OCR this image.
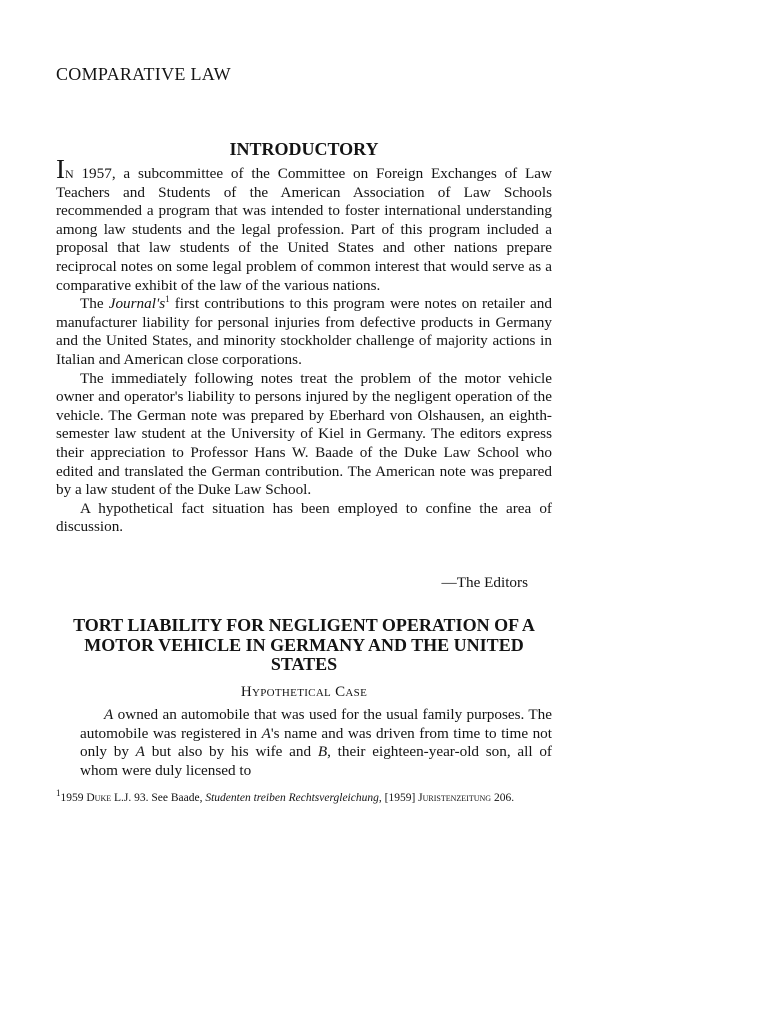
COMPARATIVE LAW
INTRODUCTORY

IN 1957, a subcommittee of the Committee on Foreign Exchanges of Law Teachers and Students of the American Association of Law Schools recommended a program that was intended to foster international understanding among law students and the legal profession. Part of this program included a proposal that law students of the United States and other nations prepare reciprocal notes on some legal problem of common interest that would serve as a comparative exhibit of the law of the various nations.

The $Journal's^1$ first contributions to this program were notes on retailer and manufacturer liability for personal injuries from defective products in Germany and the United States, and minority stockholder challenge of majority actions in Italian and American close corporations.

The immediately following notes treat the problem of the motor vehicle owner and operator's liability to persons injured by the negligent operation of the vehicle. The German note was prepared by Eberhard von Olshausen, an eighth-semester law student at the University of Kiel in Germany. The editors express their appreciation to Professor Hans W. Baade of the Duke Law School who edited and translated the German contribution. The American note was prepared by a law student of the Duke Law School.

A hypothetical fact situation has been employed to confine the area of discussion.

—The Editors
TORT LIABILITY FOR NEGLIGENT OPERATION OF A MOTOR VEHICLE IN GERMANY AND THE UNITED STATES
Hypothetical Case

A owned an automobile that was used for the usual family purposes. The automobile was registered in A's name and was driven from time to time not only by A but also by his wife and B, their eighteen-year-old son, all of whom were duly licensed to

$^1$1959 Duke L.J. 93. See Baade, Studenten treiben Rechtsvergleichung, [1959] Juristenzeitung 206.
